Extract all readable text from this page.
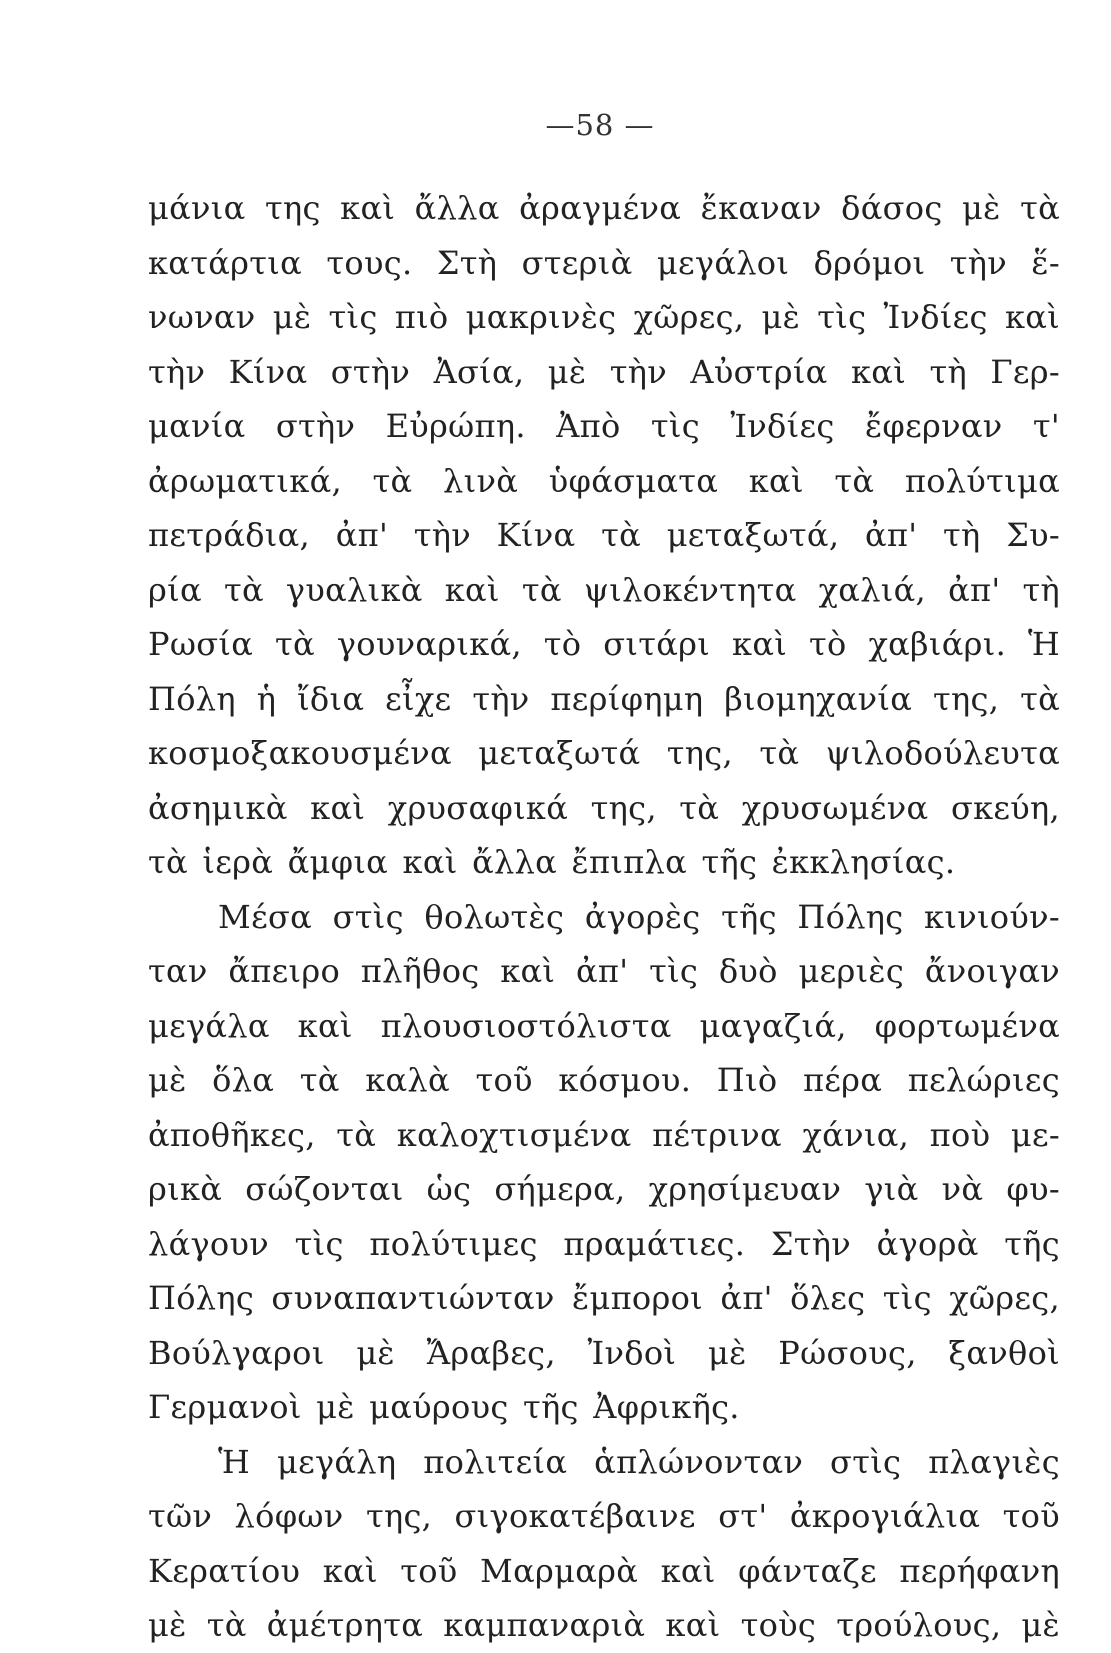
—58 —
μάνια της καὶ ἄλλα ἀραγμένα ἔκαναν δάσος μὲ τὰ
κατάρτια τους. Στὴ στεριὰ μεγάλοι δρόμοι τὴν ἕ-
νωναν μὲ τὶς πιὸ μακρινὲς χῶρες, μὲ τὶς Ἰνδίες καὶ
τὴν Κίνα στὴν Ἀσία, μὲ τὴν Αὐστρία καὶ τὴ Γερ-
μανία στὴν Εὐρώπη. Ἀπὸ τὶς Ἰνδίες ἔφερναν τ'
ἀρωματικά, τὰ λινὰ ὑφάσματα καὶ τὰ πολύτιμα
πετράδια, ἀπ' τὴν Κίνα τὰ μεταξωτά, ἀπ' τὴ Συ-
ρία τὰ γυαλικὰ καὶ τὰ ψιλοκέντητα χαλιά, ἀπ' τὴ
Ρωσία τὰ γουναρικά, τὸ σιτάρι καὶ τὸ χαβιάρι. Ἡ
Πόλη ἡ ἴδια εἶχε τὴν περίφημη βιομηχανία της, τὰ
κοσμοξακουσμένα μεταξωτά της, τὰ ψιλοδούλευτα
ἀσημικὰ καὶ χρυσαφικά της, τὰ χρυσωμένα σκεύη,
τὰ ἱερὰ ἄμφια καὶ ἄλλα ἔπιπλα τῆς ἐκκλησίας.
Μέσα στὶς θολωτὲς ἀγορὲς τῆς Πόλης κινιούν-
ταν ἄπειρο πλῆθος καὶ ἀπ' τὶς δυὸ μεριὲς ἄνοιγαν
μεγάλα καὶ πλουσιοστόλιστα μαγαζιά, φορτωμένα
μὲ ὅλα τὰ καλὰ τοῦ κόσμου. Πιὸ πέρα πελώριες
ἀποθῆκες, τὰ καλοχτισμένα πέτρινα χάνια, ποὺ με-
ρικὰ σώζονται ὡς σήμερα, χρησίμευαν γιὰ νὰ φυ-
λάγουν τὶς πολύτιμες πραμάτιες. Στὴν ἀγορὰ τῆς
Πόλης συναπαντιώνταν ἔμποροι ἀπ' ὅλες τὶς χῶρες,
Βούλγαροι μὲ Ἄραβες, Ἰνδοὶ μὲ Ρώσους, ξανθοὶ
Γερμανοὶ μὲ μαύρους τῆς Ἀφρικῆς.
Ἡ μεγάλη πολιτεία ἁπλώνονταν στὶς πλαγιὲς
τῶν λόφων της, σιγοκατέβαινε στ' ἀκρογιάλια τοῦ
Κερατίου καὶ τοῦ Μαρμαρὰ καὶ φάνταζε περήφανη
μὲ τὰ ἀμέτρητα καμπαναριὰ καὶ τοὺς τρούλους, μὲ
